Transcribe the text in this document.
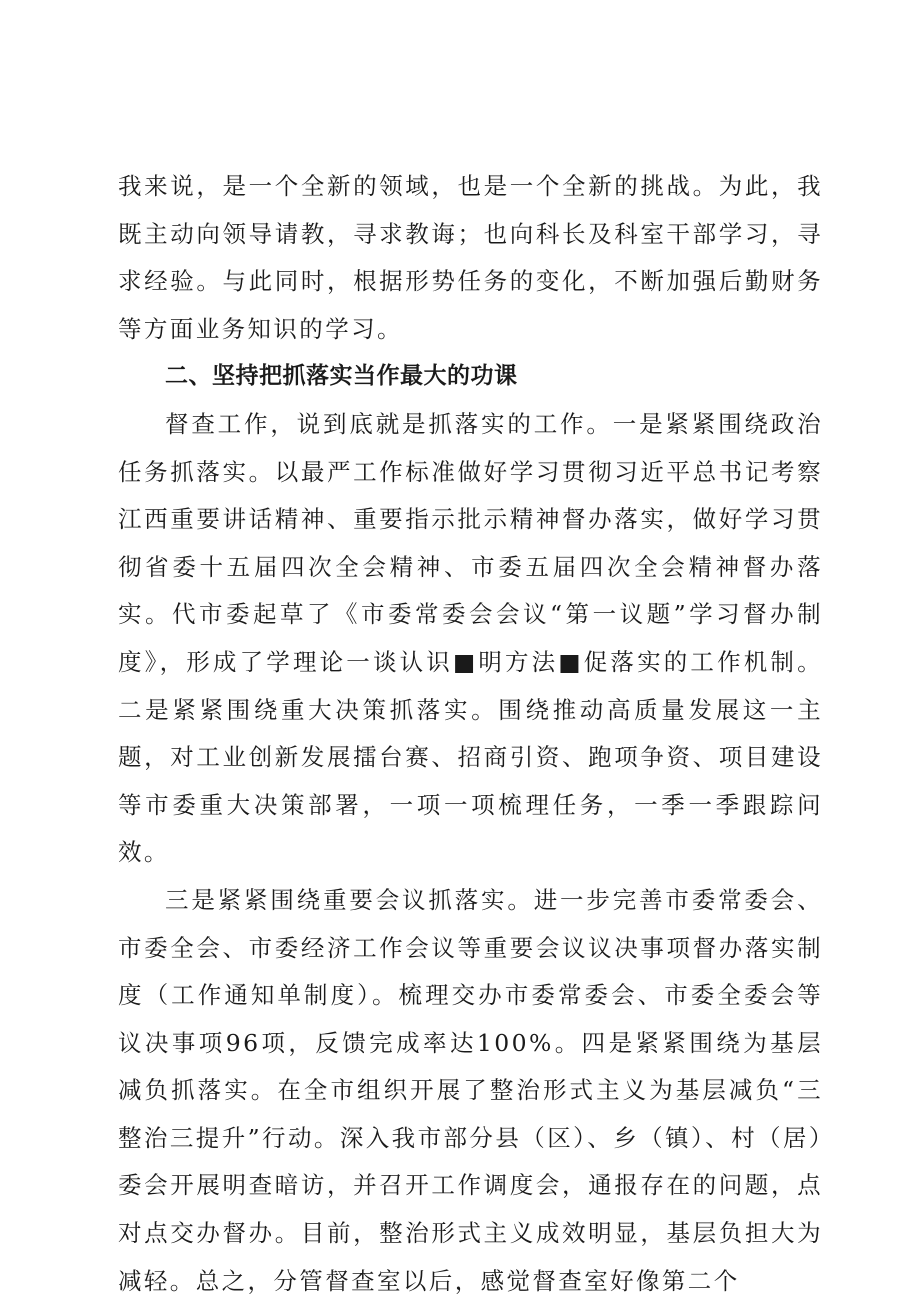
我来说，是一个全新的领域，也是一个全新的挑战。为此，我既主动向领导请教，寻求教诲；也向科长及科室干部学习，寻求经验。与此同时，根据形势任务的变化，不断加强后勤财务等方面业务知识的学习。

二、坚持把抓落实当作最大的功课

督查工作，说到底就是抓落实的工作。一是紧紧围绕政治任务抓落实。以最严工作标准做好学习贯彻习近平总书记考察江西重要讲话精神、重要指示批示精神督办落实，做好学习贯彻省委十五届四次全会精神、市委五届四次全会精神督办落实。代市委起草了《市委常委会会议“第一议题”学习督办制度》，形成了学理论一谈认识■明方法■促落实的工作机制。二是紧紧围绕重大决策抓落实。围绕推动高质量发展这一主题，对工业创新发展擂台赛、招商引资、跑项争资、项目建设等市委重大决策部署，一项一项梳理任务，一季一季跟踪问效。

三是紧紧围绕重要会议抓落实。进一步完善市委常委会、市委全会、市委经济工作会议等重要会议议决事项督办落实制度（工作通知单制度）。梳理交办市委常委会、市委全委会等议决事项96项，反馈完成率达100%。四是紧紧围绕为基层减负抓落实。在全市组织开展了整治形式主义为基层减负“三整治三提升”行动。深入我市部分县（区）、乡（镇）、村（居）委会开展明查暗访，并召开工作调度会，通报存在的问题，点对点交办督办。目前，整治形式主义成效明显，基层负担大为减轻。总之，分管督查室以后，感觉督查室好像第二个
